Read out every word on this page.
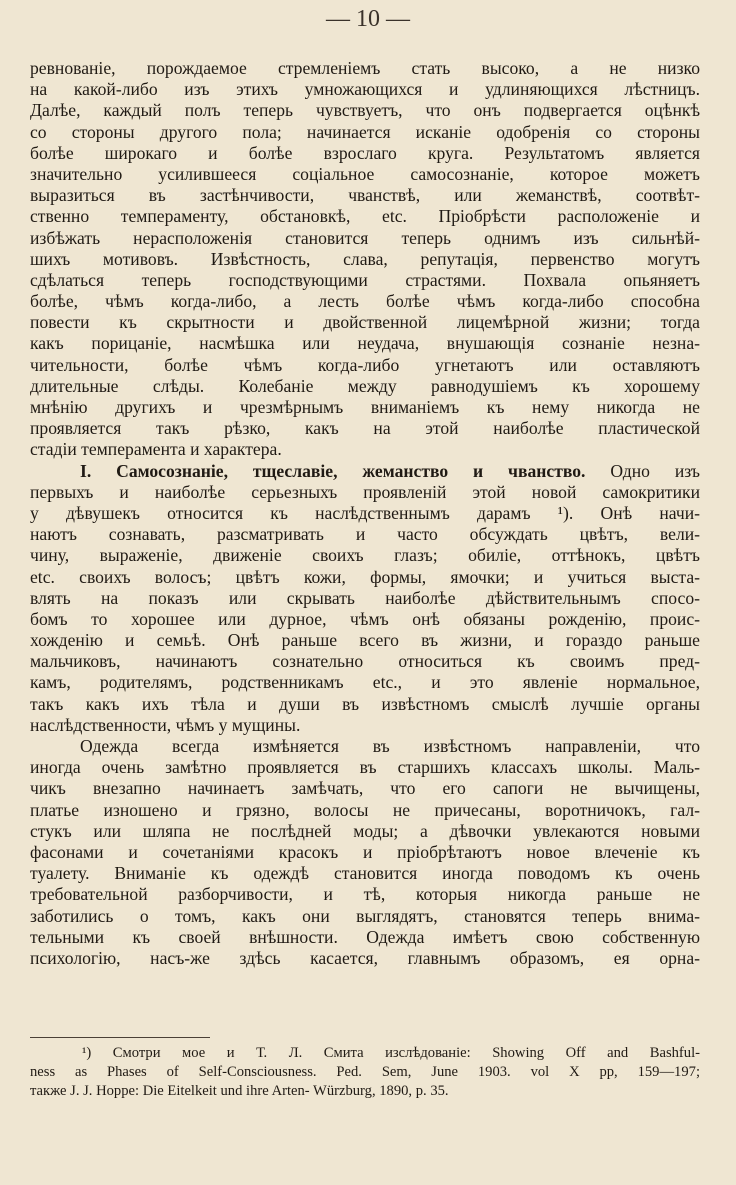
— 10 —
ревнованіе, порождаемое стремленіемъ стать высоко, а не низко
на какой-либо изъ этихъ умножающихся и удлиняющихся лѣстницъ.
Далѣе, каждый полъ теперь чувствуетъ, что онъ подвергается оцѣнкѣ
со стороны другого пола; начинается исканіе одобренія со стороны
болѣе широкаго и болѣе взрослаго круга. Результатомъ является
значительно усилившееся соціальное самосознаніе, которое можетъ
выразиться въ застѣнчивости, чванствѣ, или жеманствѣ, соотвѣт-
ственно темпераменту, обстановкѣ, etc. Пріобрѣсти расположеніе и
избѣжать нерасположенія становится теперь однимъ изъ сильнѣй-
шихъ мотивовъ. Извѣстность, слава, репутація, первенство могутъ
сдѣлаться теперь господствующими страстями. Похвала опьяняетъ
болѣе, чѣмъ когда-либо, а лесть болѣе чѣмъ когда-либо способна
повести къ скрытности и двойственной лицемѣрной жизни; тогда
какъ порицаніе, насмѣшка или неудача, внушающія сознаніе незна-
чительности, болѣе чѣмъ когда-либо угнетаютъ или оставляютъ
длительные слѣды. Колебаніе между равнодушіемъ къ хорошему
мнѣнію другихъ и чрезмѣрнымъ вниманіемъ къ нему никогда не
проявляется такъ рѣзко, какъ на этой наиболѣе пластической
стадіи темперамента и характера.
I. Самосознаніе, тщеславіе, жеманство и чванство. Одно изъ
первыхъ и наиболѣе серьезныхъ проявленій этой новой самокритики
у дѣвушекъ относится къ наслѣдственнымъ дарамъ ¹). Онѣ начи-
наютъ сознавать, разсматривать и часто обсуждать цвѣтъ, вели-
чину, выраженіе, движеніе своихъ глазъ; обиліе, оттѣнокъ, цвѣтъ
etc. своихъ волосъ; цвѣтъ кожи, формы, ямочки; и учиться выста-
влять на показъ или скрывать наиболѣе дѣйствительнымъ спосо-
бомъ то хорошее или дурное, чѣмъ онѣ обязаны рожденію, проис-
хожденію и семьѣ. Онѣ раньше всего въ жизни, и гораздо раньше
мальчиковъ, начинаютъ сознательно относиться къ своимъ пред-
камъ, родителямъ, родственникамъ etc., и это явленіе нормальное,
такъ какъ ихъ тѣла и души въ извѣстномъ смыслѣ лучшіе органы
наслѣдственности, чѣмъ у мущины.
Одежда всегда измѣняется въ извѣстномъ направленіи, что
иногда очень замѣтно проявляется въ старшихъ классахъ школы. Маль-
чикъ внезапно начинаетъ замѣчать, что его сапоги не вычищены,
платье изношено и грязно, волосы не причесаны, воротничокъ, гал-
стукъ или шляпа не послѣдней моды; а дѣвочки увлекаются новыми
фасонами и сочетаніями красокъ и пріобрѣтаютъ новое влеченіе къ
туалету. Вниманіе къ одеждѣ становится иногда поводомъ къ очень
требовательной разборчивости, и тѣ, которыя никогда раньше не
заботились о томъ, какъ они выглядятъ, становятся теперь внима-
тельными къ своей внѣшности. Одежда имѣетъ свою собственную
психологію, насъ-же здѣсь касается, главнымъ образомъ, ея орна-
¹) Смотри мое и Т. Л. Смита изслѣдованіе: Showing Off and Bashful-
ness as Phases of Self-Consciousness. Ped. Sem, June 1903. vol X pp, 159—197;
также J. J. Hoppe: Die Eitelkeit und ihre Arten- Würzburg, 1890, p. 35.
